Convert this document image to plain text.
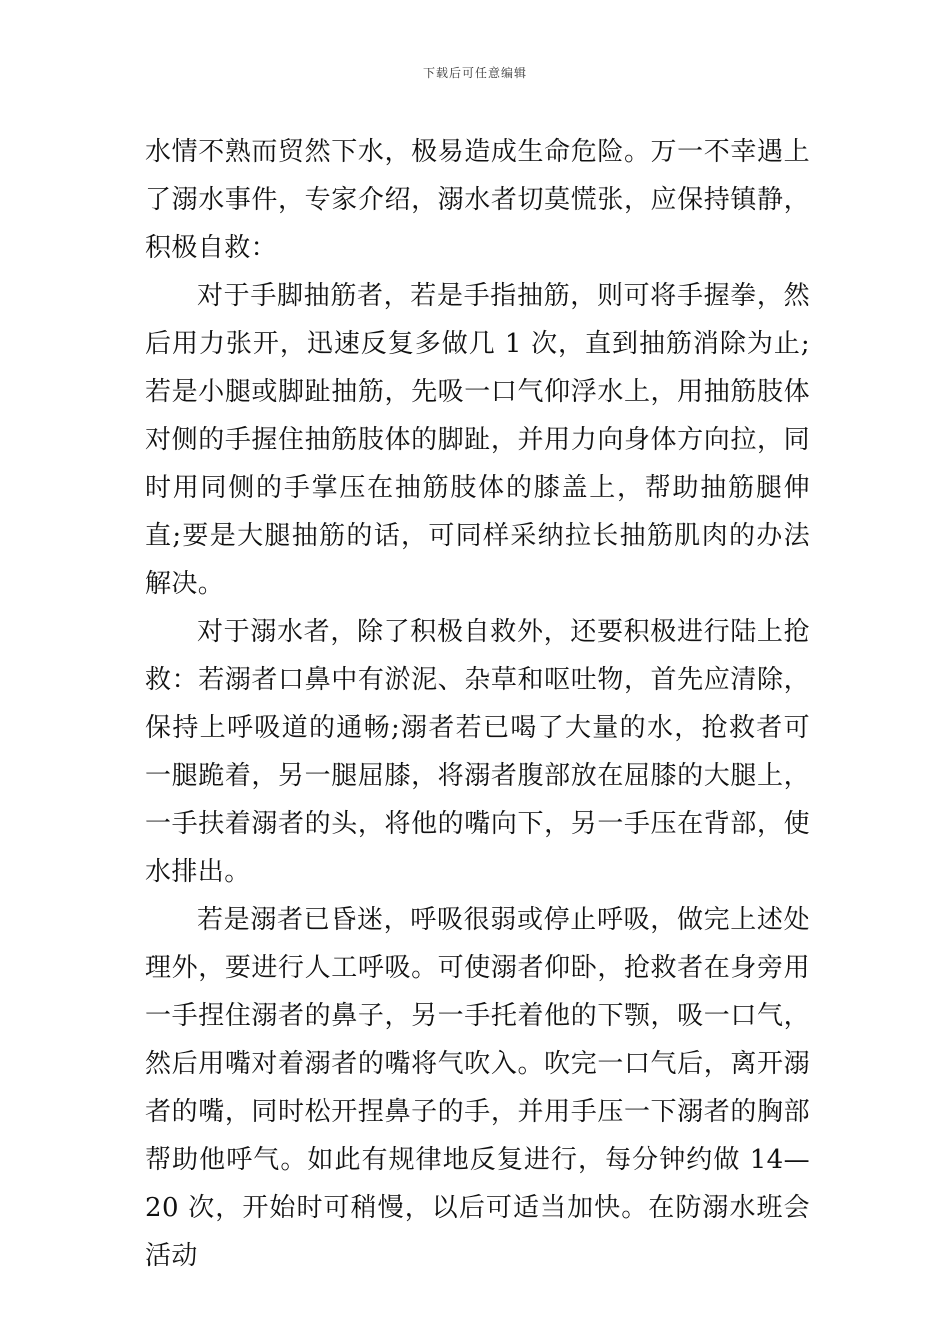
下载后可任意编辑

水情不熟而贸然下水，极易造成生命危险。万一不幸遇上了溺水事件，专家介绍，溺水者切莫慌张，应保持镇静，积极自救：

对于手脚抽筋者，若是手指抽筋，则可将手握拳，然后用力张开，迅速反复多做几 1 次，直到抽筋消除为止;若是小腿或脚趾抽筋，先吸一口气仰浮水上，用抽筋肢体对侧的手握住抽筋肢体的脚趾，并用力向身体方向拉，同时用同侧的手掌压在抽筋肢体的膝盖上，帮助抽筋腿伸直;要是大腿抽筋的话，可同样采纳拉长抽筋肌肉的办法解决。

对于溺水者，除了积极自救外，还要积极进行陆上抢救：若溺者口鼻中有淤泥、杂草和呕吐物，首先应清除，保持上呼吸道的通畅;溺者若已喝了大量的水，抢救者可一腿跪着，另一腿屈膝，将溺者腹部放在屈膝的大腿上，一手扶着溺者的头，将他的嘴向下，另一手压在背部，使水排出。

若是溺者已昏迷，呼吸很弱或停止呼吸，做完上述处理外，要进行人工呼吸。可使溺者仰卧，抢救者在身旁用一手捏住溺者的鼻子，另一手托着他的下颚，吸一口气，然后用嘴对着溺者的嘴将气吹入。吹完一口气后，离开溺者的嘴，同时松开捏鼻子的手，并用手压一下溺者的胸部帮助他呼气。如此有规律地反复进行，每分钟约做 14—20 次，开始时可稍慢，以后可适当加快。在防溺水班会活动
